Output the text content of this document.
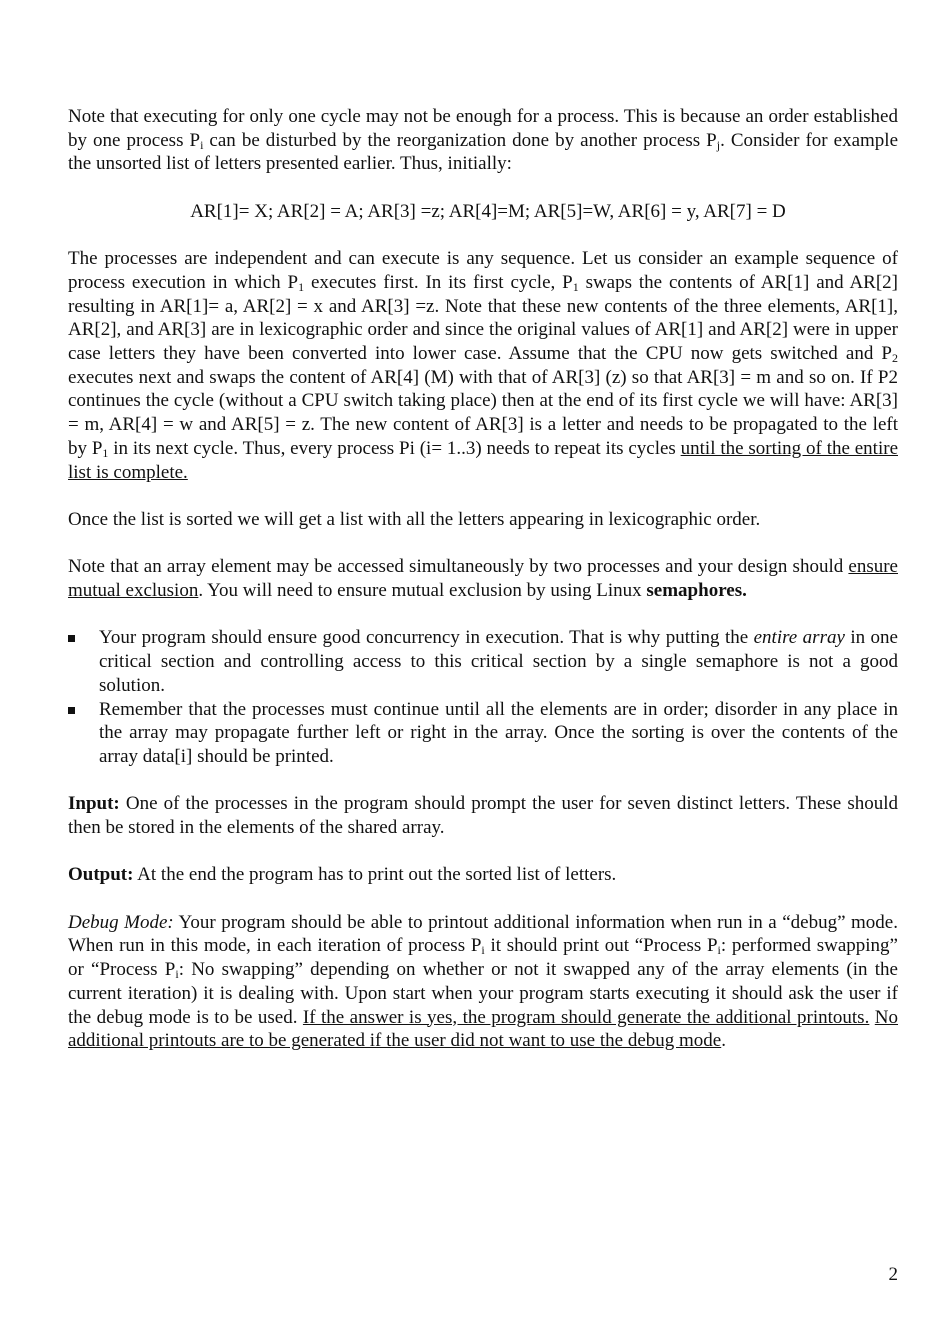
Note that executing for only one cycle may not be enough for a process. This is because an order established by one process $P_i$ can be disturbed by the reorganization done by another process $P_j$. Consider for example the unsorted list of letters presented earlier. Thus, initially:

AR[1]= X; AR[2] = A; AR[3] =z; AR[4]=M; AR[5]=W, AR[6] = y, AR[7] = D

The processes are independent and can execute is any sequence. Let us consider an example sequence of process execution in which $P_1$ executes first. In its first cycle, $P_1$ swaps the contents of AR[1] and AR[2] resulting in AR[1]= a, AR[2] = x and AR[3] =z. Note that these new contents of the three elements, AR[1], AR[2], and AR[3] are in lexicographic order and since the original values of AR[1] and AR[2] were in upper case letters they have been converted into lower case. Assume that the CPU now gets switched and $P_2$ executes next and swaps the content of AR[4] (M) with that of AR[3] (z) so that AR[3] = m and so on. If P2 continues the cycle (without a CPU switch taking place) then at the end of its first cycle we will have: AR[3] = m, AR[4] = w and AR[5] = z. The new content of AR[3] is a letter and needs to be propagated to the left by $P_1$ in its next cycle. Thus, every process Pi (i= 1..3) needs to repeat its cycles until the sorting of the entire list is complete.

Once the list is sorted we will get a list with all the letters appearing in lexicographic order.

Note that an array element may be accessed simultaneously by two processes and your design should ensure mutual exclusion. You will need to ensure mutual exclusion by using Linux semaphores.

Your program should ensure good concurrency in execution. That is why putting the entire array in one critical section and controlling access to this critical section by a single semaphore is not a good solution.
Remember that the processes must continue until all the elements are in order; disorder in any place in the array may propagate further left or right in the array. Once the sorting is over the contents of the array data[i] should be printed.

Input: One of the processes in the program should prompt the user for seven distinct letters. These should then be stored in the elements of the shared array.

Output: At the end the program has to print out the sorted list of letters.

Debug Mode: Your program should be able to printout additional information when run in a “debug” mode. When run in this mode, in each iteration of process $P_i$ it should print out “Process $P_i$: performed swapping” or “Process $P_i$: No swapping” depending on whether or not it swapped any of the array elements (in the current iteration) it is dealing with. Upon start when your program starts executing it should ask the user if the debug mode is to be used. If the answer is yes, the program should generate the additional printouts. No additional printouts are to be generated if the user did not want to use the debug mode.

2
